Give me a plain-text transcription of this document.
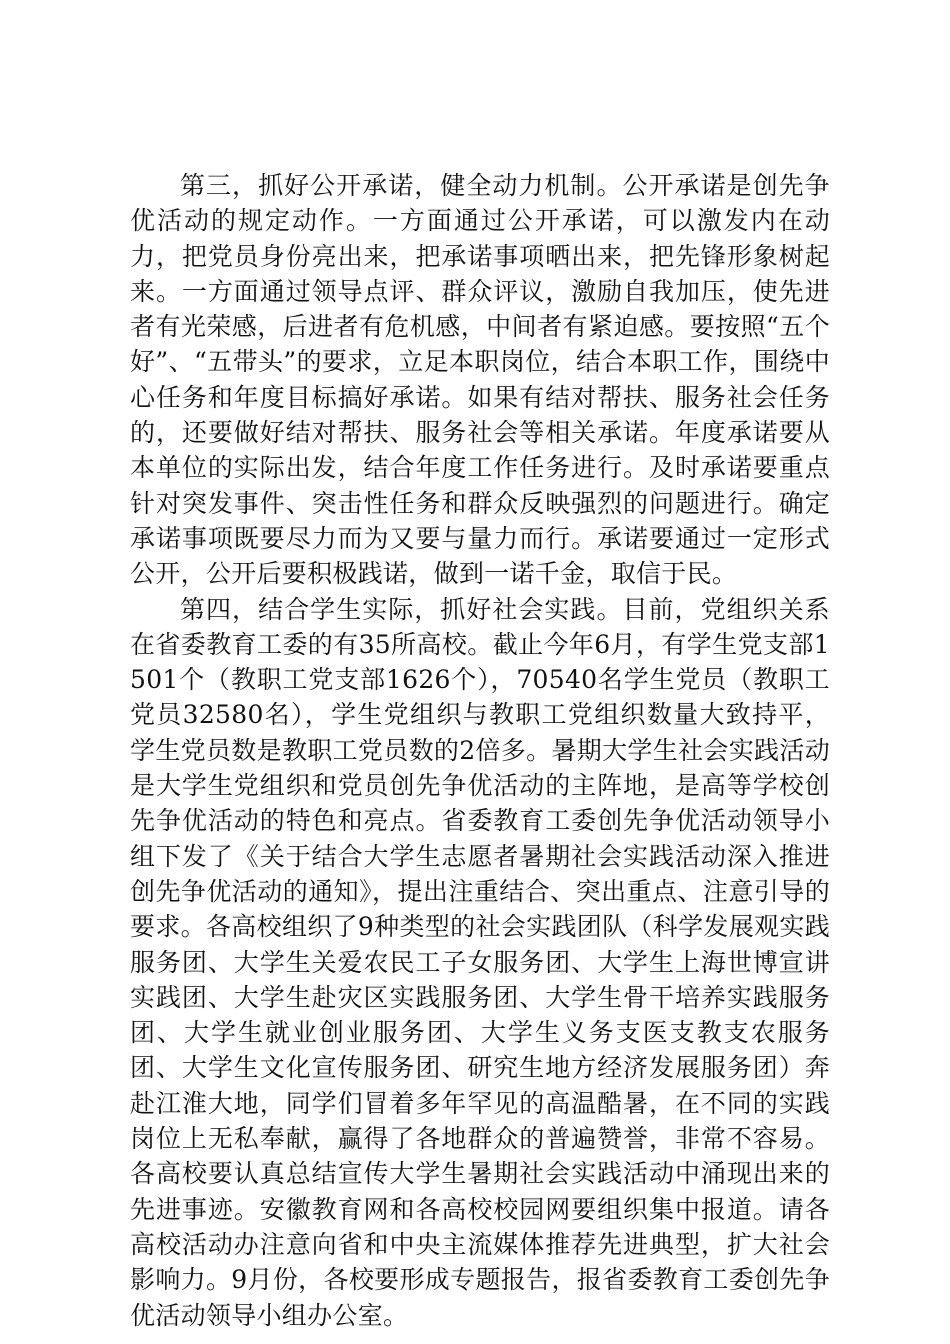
第三，抓好公开承诺，健全动力机制。公开承诺是创先争优活动的规定动作。一方面通过公开承诺，可以激发内在动力，把党员身份亮出来，把承诺事项晒出来，把先锋形象树起来。一方面通过领导点评、群众评议，激励自我加压，使先进者有光荣感，后进者有危机感，中间者有紧迫感。要按照“五个好”、“五带头”的要求，立足本职岗位，结合本职工作，围绕中心任务和年度目标搞好承诺。如果有结对帮扶、服务社会任务的，还要做好结对帮扶、服务社会等相关承诺。年度承诺要从本单位的实际出发，结合年度工作任务进行。及时承诺要重点针对突发事件、突击性任务和群众反映强烈的问题进行。确定承诺事项既要尽力而为又要与量力而行。承诺要通过一定形式公开，公开后要积极践诺，做到一诺千金，取信于民。

第四，结合学生实际，抓好社会实践。目前，党组织关系在省委教育工委的有35所高校。截止今年6月，有学生党支部1501个（教职工党支部1626个），70540名学生党员（教职工党员32580名），学生党组织与教职工党组织数量大致持平，学生党员数是教职工党员数的2倍多。暑期大学生社会实践活动是大学生党组织和党员创先争优活动的主阵地，是高等学校创先争优活动的特色和亮点。省委教育工委创先争优活动领导小组下发了《关于结合大学生志愿者暑期社会实践活动深入推进创先争优活动的通知》，提出注重结合、突出重点、注意引导的要求。各高校组织了9种类型的社会实践团队（科学发展观实践服务团、大学生关爱农民工子女服务团、大学生上海世博宣讲实践团、大学生赴灾区实践服务团、大学生骨干培养实践服务团、大学生就业创业服务团、大学生义务支医支教支农服务团、大学生文化宣传服务团、研究生地方经济发展服务团）奔赴江淮大地，同学们冒着多年罕见的高温酷暑，在不同的实践岗位上无私奉献，赢得了各地群众的普遍赞誉，非常不容易。各高校要认真总结宣传大学生暑期社会实践活动中涌现出来的先进事迹。安徽教育网和各高校校园网要组织集中报道。请各高校活动办注意向省和中央主流媒体推荐先进典型，扩大社会影响力。9月份，各校要形成专题报告，报省委教育工委创先争优活动领导小组办公室。
